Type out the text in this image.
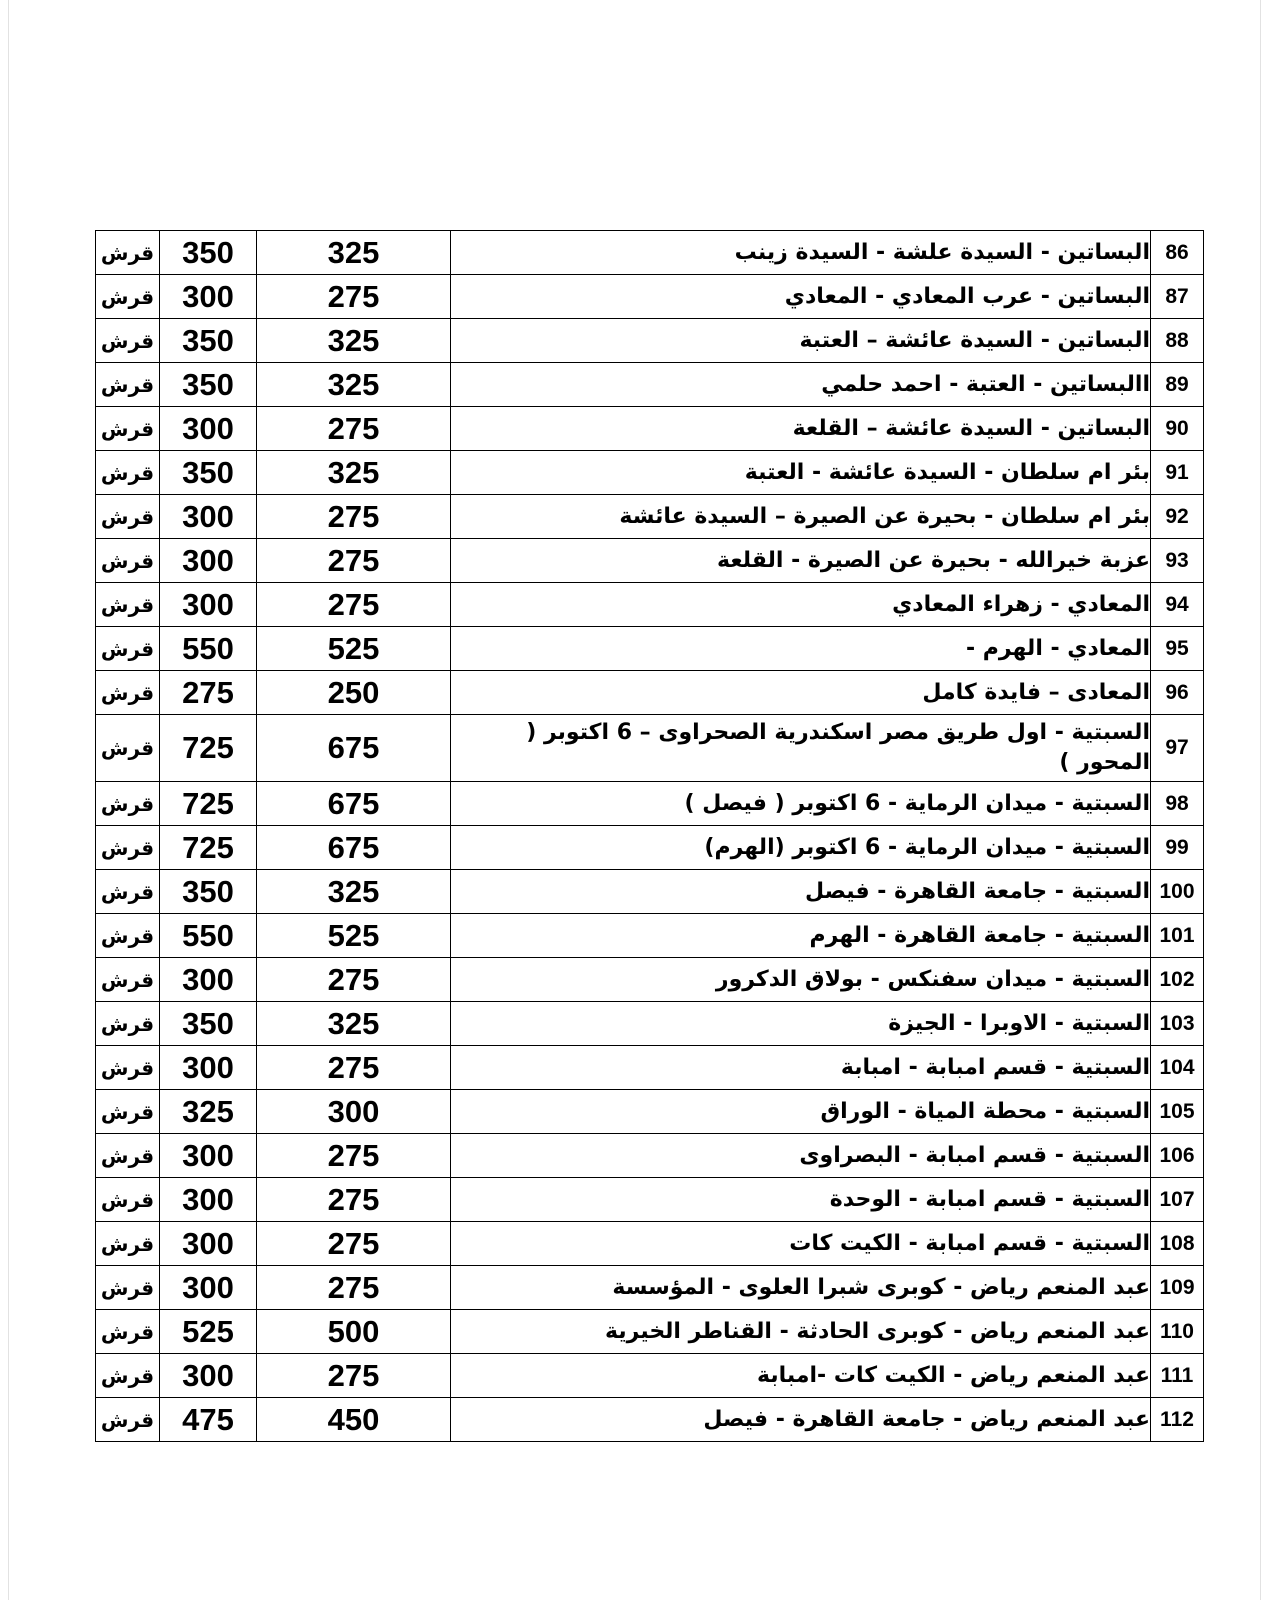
قرش	350	325	البساتين - السيدة علشة - السيدة زينب	86
قرش	300	275	البساتين - عرب المعادي - المعادي	87
قرش	350	325	البساتين - السيدة عائشة – العتبة	88
قرش	350	325	االبساتين - العتبة - احمد حلمي	89
قرش	300	275	البساتين - السيدة عائشة – القلعة	90
قرش	350	325	بئر ام سلطان - السيدة عائشة - العتبة	91
قرش	300	275	بئر ام سلطان - بحيرة عن الصيرة – السيدة عائشة	92
قرش	300	275	عزبة خيرالله - بحيرة عن الصيرة - القلعة	93
قرش	300	275	المعادي - زهراء المعادي	94
قرش	550	525	المعادي - الهرم -	95
قرش	275	250	المعادى – فايدة كامل	96
قرش	725	675	السبتية - اول طريق مصر اسكندرية الصحراوى – 6 اكتوبر ( المحور )	97
قرش	725	675	السبتية - ميدان الرماية - 6 اكتوبر ( فيصل )	98
قرش	725	675	السبتية - ميدان الرماية - 6 اكتوبر (الهرم)	99
قرش	350	325	السبتية - جامعة القاهرة - فيصل	100
قرش	550	525	السبتية - جامعة القاهرة - الهرم	101
قرش	300	275	السبتية - ميدان سفنكس - بولاق الدكرور	102
قرش	350	325	السبتية - الاوبرا - الجيزة	103
قرش	300	275	السبتية - قسم امبابة - امبابة	104
قرش	325	300	السبتية - محطة المياة - الوراق	105
قرش	300	275	السبتية - قسم امبابة - البصراوى	106
قرش	300	275	السبتية - قسم امبابة - الوحدة	107
قرش	300	275	السبتية - قسم امبابة - الكيت كات	108
قرش	300	275	عبد المنعم رياض - كوبرى شبرا العلوى - المؤسسة	109
قرش	525	500	عبد المنعم رياض - كوبرى الحادثة - القناطر الخيرية	110
قرش	300	275	عبد المنعم رياض - الكيت كات -امبابة	111
قرش	475	450	عبد المنعم رياض - جامعة القاهرة - فيصل	112
